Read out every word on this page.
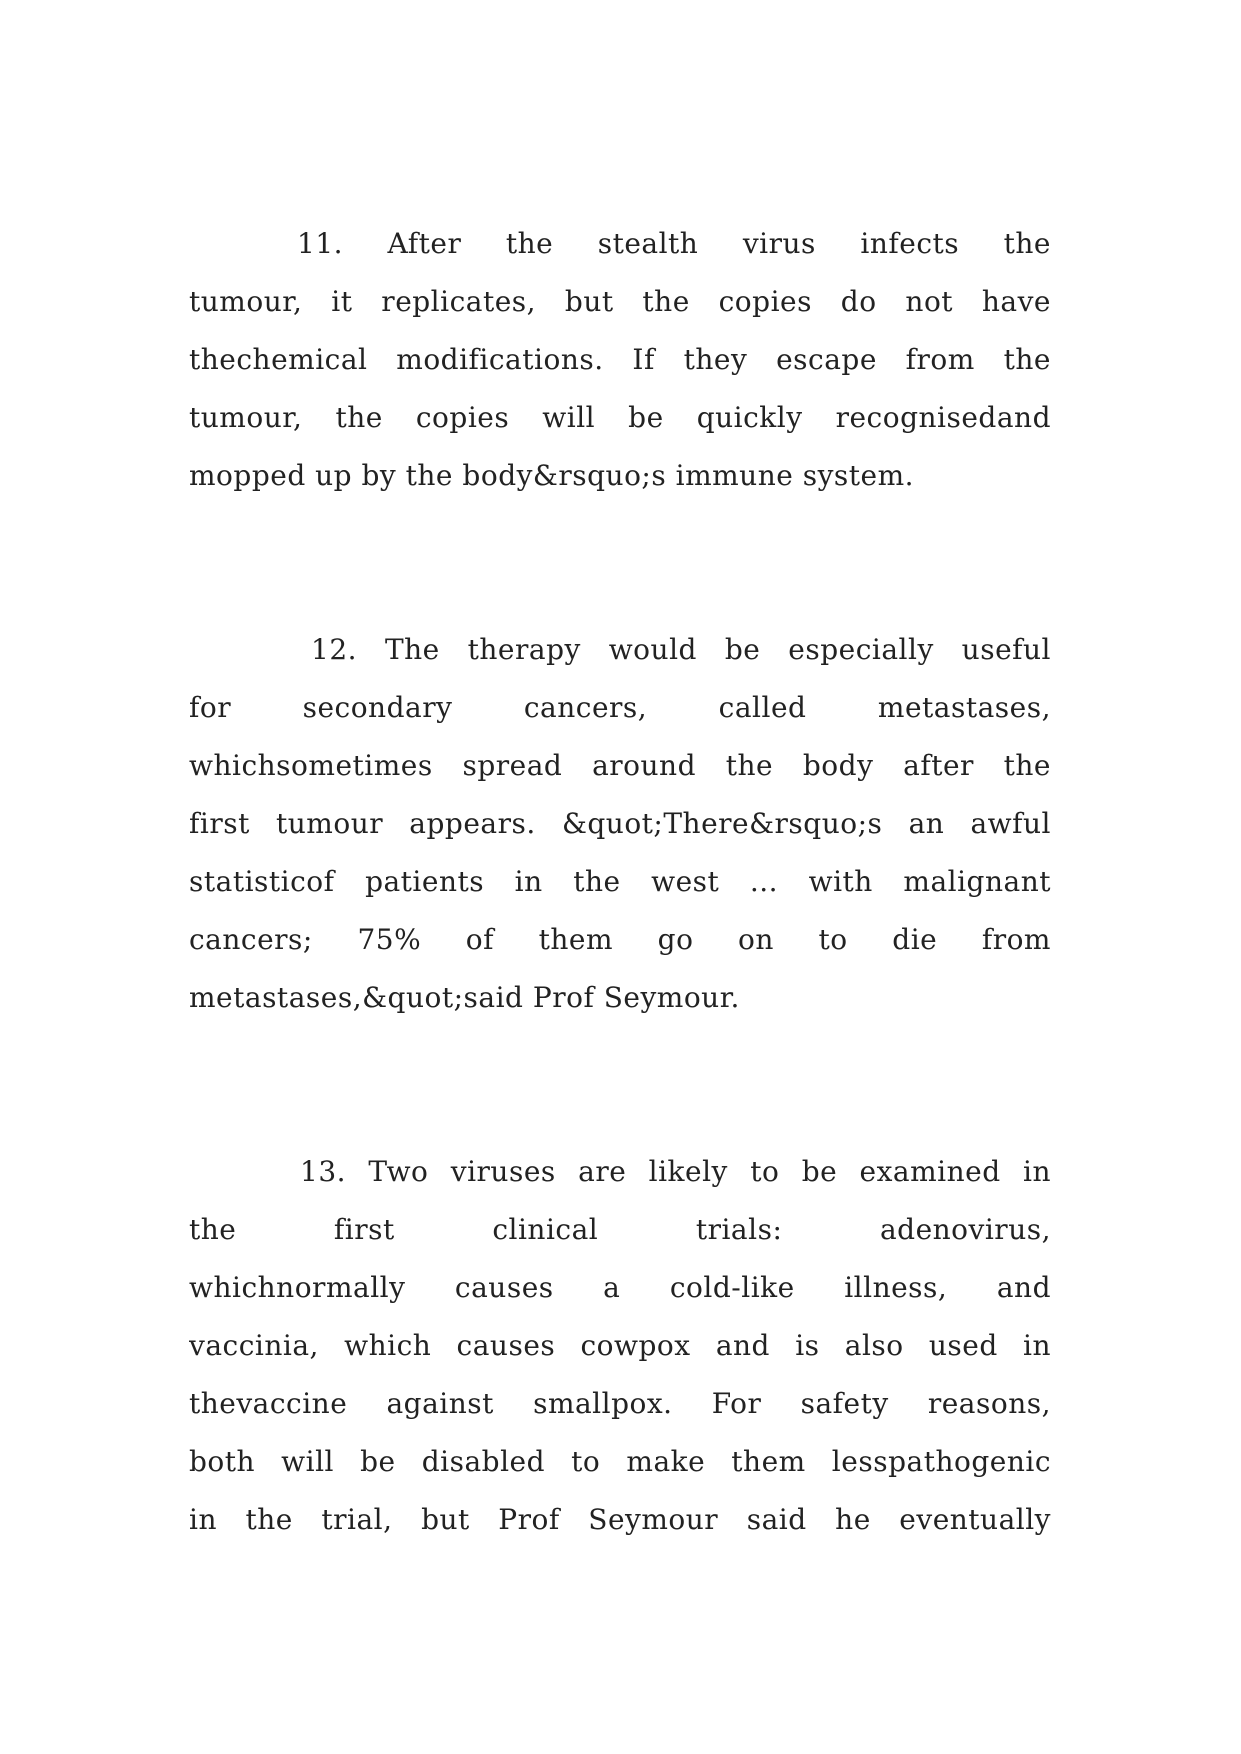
11. After the stealth virus infects the
tumour, it replicates, but the copies do not have
thechemical modifications. If they escape from the
tumour, the copies will be quickly recognisedand
mopped up by the body&rsquo;s immune system.
12. The therapy would be especially useful
for secondary cancers, called metastases,
whichsometimes spread around the body after the
first tumour appears. &quot;There&rsquo;s an awful
statisticof patients in the west ... with malignant
cancers; 75% of them go on to die from
metastases,&quot;said Prof Seymour.
13. Two viruses are likely to be examined in
the first clinical trials: adenovirus,
whichnormally causes a cold-like illness, and
vaccinia, which causes cowpox and is also used in
thevaccine against smallpox. For safety reasons,
both will be disabled to make them lesspathogenic
in the trial, but Prof Seymour said he eventually
